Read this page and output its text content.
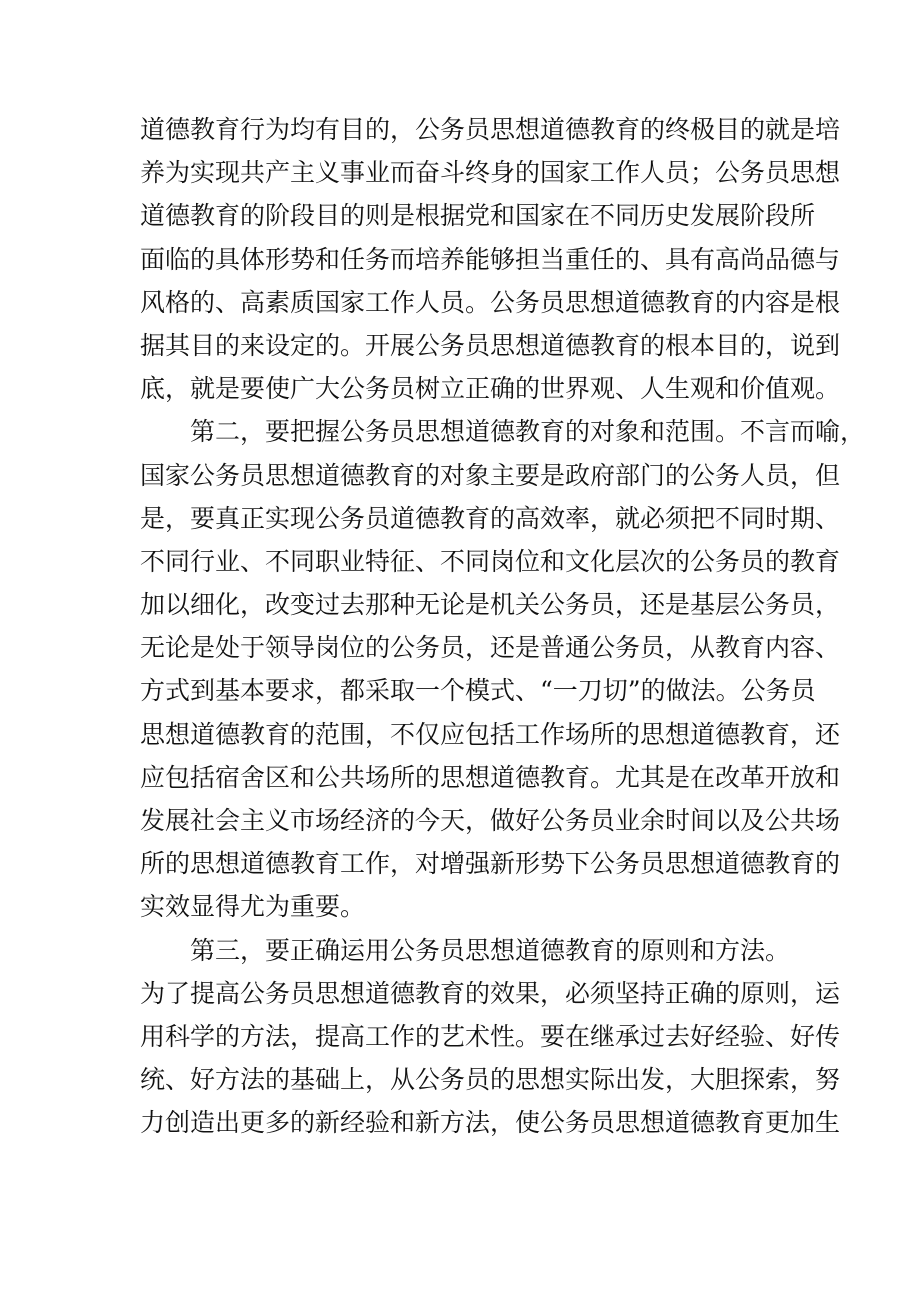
道德教育行为均有目的，公务员思想道德教育的终极目的就是培
养为实现共产主义事业而奋斗终身的国家工作人员；公务员思想
道德教育的阶段目的则是根据党和国家在不同历史发展阶段所
面临的具体形势和任务而培养能够担当重任的、具有高尚品德与
风格的、高素质国家工作人员。公务员思想道德教育的内容是根
据其目的来设定的。开展公务员思想道德教育的根本目的，说到
底，就是要使广大公务员树立正确的世界观、人生观和价值观。
第二，要把握公务员思想道德教育的对象和范围。不言而喻，
国家公务员思想道德教育的对象主要是政府部门的公务人员，但
是，要真正实现公务员道德教育的高效率，就必须把不同时期、
不同行业、不同职业特征、不同岗位和文化层次的公务员的教育
加以细化，改变过去那种无论是机关公务员，还是基层公务员，
无论是处于领导岗位的公务员，还是普通公务员，从教育内容、
方式到基本要求，都采取一个模式、“一刀切”的做法。公务员
思想道德教育的范围，不仅应包括工作场所的思想道德教育，还
应包括宿舍区和公共场所的思想道德教育。尤其是在改革开放和
发展社会主义市场经济的今天，做好公务员业余时间以及公共场
所的思想道德教育工作，对增强新形势下公务员思想道德教育的
实效显得尤为重要。
第三，要正确运用公务员思想道德教育的原则和方法。
为了提高公务员思想道德教育的效果，必须坚持正确的原则，运
用科学的方法，提高工作的艺术性。要在继承过去好经验、好传
统、好方法的基础上，从公务员的思想实际出发，大胆探索，努
力创造出更多的新经验和新方法，使公务员思想道德教育更加生
